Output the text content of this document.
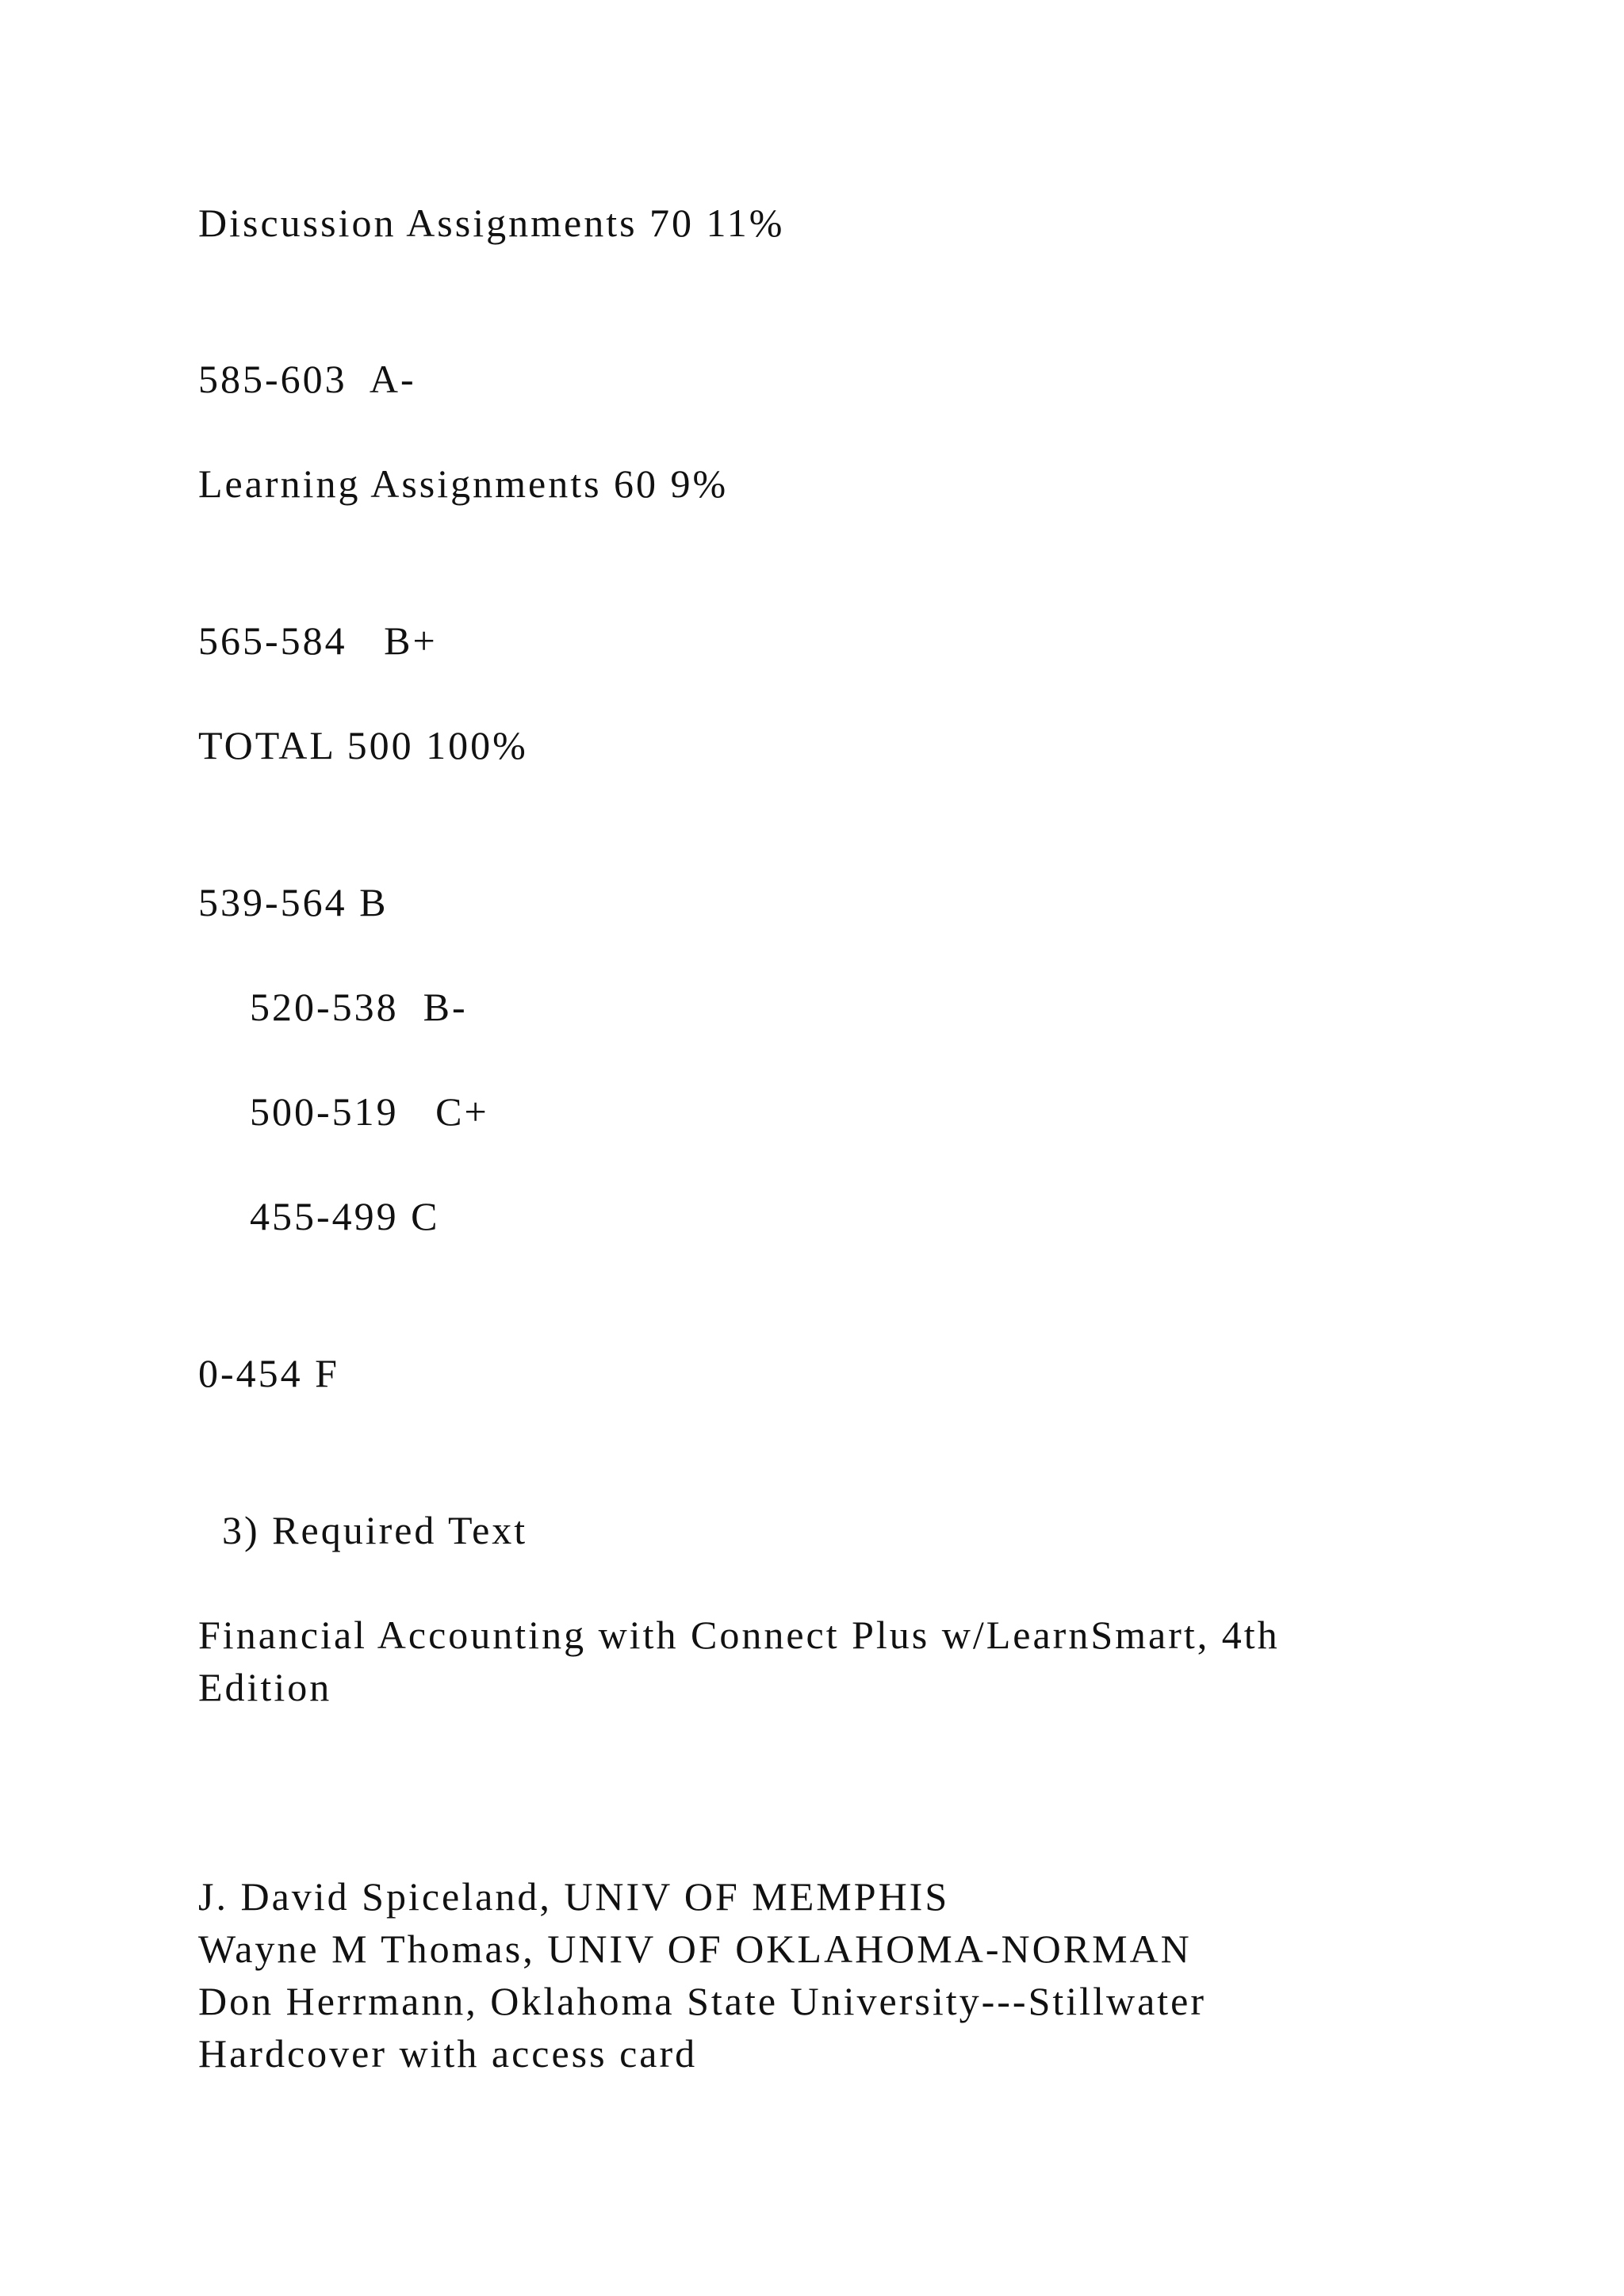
Discussion Assignments 70 11%
585-603  A-
Learning Assignments 60 9%
565-584   B+
TOTAL 500 100%
539-564 B
520-538  B-
500-519   C+
455-499 C
0-454 F
3) Required Text
Financial Accounting with Connect Plus w/LearnSmart, 4th
Edition
J. David Spiceland, UNIV OF MEMPHIS
Wayne M Thomas, UNIV OF OKLAHOMA-NORMAN
Don Herrmann, Oklahoma State University---Stillwater
Hardcover with access card
